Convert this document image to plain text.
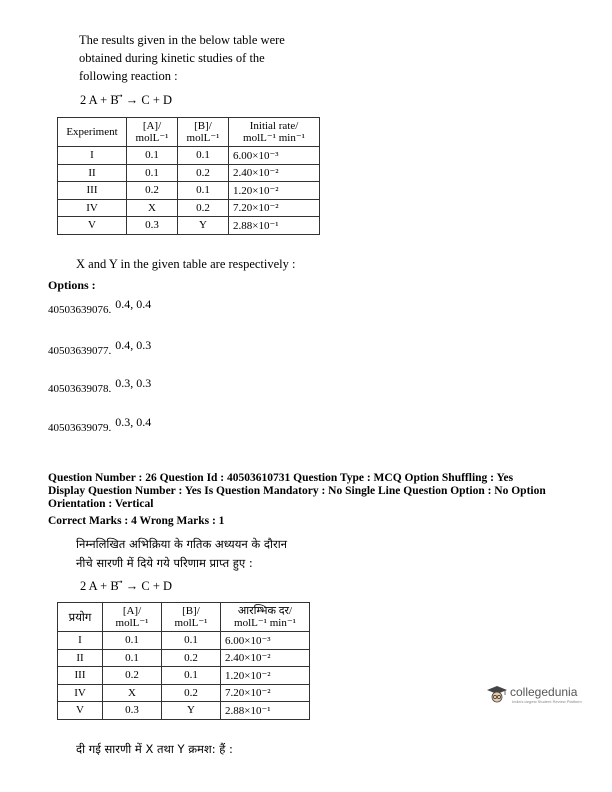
The results given in the below table were
obtained during kinetic studies of the
following reaction :
2 A + B ⃗ → C + D
Experiment	[A]/ molL⁻¹	[B]/ molL⁻¹	Initial rate/ molL⁻¹ min⁻¹
I	0.1	0.1	6.00×10⁻³
II	0.1	0.2	2.40×10⁻²
III	0.2	0.1	1.20×10⁻²
IV	X	0.2	7.20×10⁻²
V	0.3	Y	2.88×10⁻¹
X and Y in the given table are respectively :
Options :
40503639076. 0.4, 0.4
40503639077. 0.4, 0.3
40503639078. 0.3, 0.3
40503639079. 0.3, 0.4
Question Number : 26 Question Id : 40503610731 Question Type : MCQ Option Shuffling : Yes
Display Question Number : Yes Is Question Mandatory : No Single Line Question Option : No Option
Orientation : Vertical
Correct Marks : 4 Wrong Marks : 1
निम्नलिखित अभिक्रिया के गतिक अध्ययन के दौरान
नीचे सारणी में दिये गये परिणाम प्राप्त हुए :
2 A + B ⃗ → C + D
प्रयोग	[A]/ molL⁻¹	[B]/ molL⁻¹	आरम्भिक दर/ molL⁻¹ min⁻¹
I	0.1	0.1	6.00×10⁻³
II	0.1	0.2	2.40×10⁻²
III	0.2	0.1	1.20×10⁻²
IV	X	0.2	7.20×10⁻²
V	0.3	Y	2.88×10⁻¹
दी गई सारणी में X तथा Y क्रमश: हैं :
collegedunia
India's largest Student Review Platform
